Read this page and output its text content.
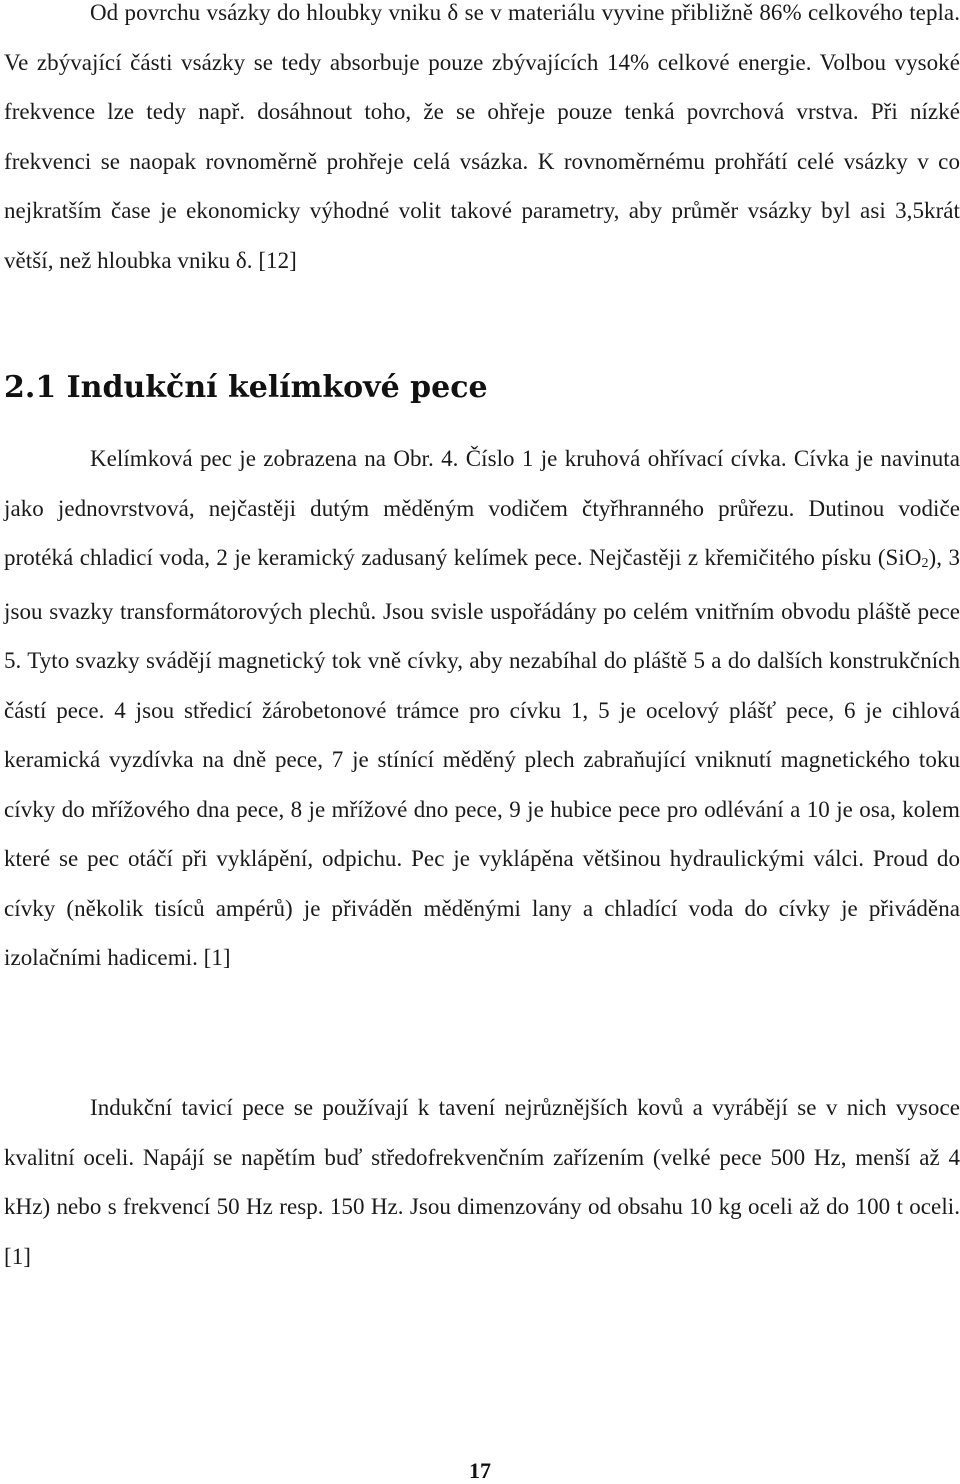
Od povrchu vsázky do hloubky vniku δ se v materiálu vyvine přibližně 86% celkového tepla. Ve zbývající části vsázky se tedy absorbuje pouze zbývajících 14% celkové energie. Volbou vysoké frekvence lze tedy např. dosáhnout toho, že se ohřeje pouze tenká povrchová vrstva. Při nízké frekvenci se naopak rovnoměrně prohřeje celá vsázka. K rovnoměrnému prohřátí celé vsázky v co nejkratším čase je ekonomicky výhodné volit takové parametry, aby průměr vsázky byl asi 3,5krát větší, než hloubka vniku δ. [12]

2.1 Indukční kelímkové pece

Kelímková pec je zobrazena na Obr. 4. Číslo 1 je kruhová ohřívací cívka. Cívka je navinuta jako jednovrstvová, nejčastěji dutým měděným vodičem čtyřhranného průřezu. Dutinou vodiče protéká chladicí voda, 2 je keramický zadusaný kelímek pece. Nejčastěji z křemičitého písku (SiO$_2$), 3 jsou svazky transformátorových plechů. Jsou svisle uspořádány po celém vnitřním obvodu pláště pece 5. Tyto svazky svádějí magnetický tok vně cívky, aby nezabíhal do pláště 5 a do dalších konstrukčních částí pece. 4 jsou středicí žárobetonové trámce pro cívku 1, 5 je ocelový plášť pece, 6 je cihlová keramická vyzdívka na dně pece, 7 je stínící měděný plech zabraňující vniknutí magnetického toku cívky do mřížového dna pece, 8 je mřížové dno pece, 9 je hubice pece pro odlévání a 10 je osa, kolem které se pec otáčí při vyklápění, odpichu. Pec je vyklápěna většinou hydraulickými válci. Proud do cívky (několik tisíců ampérů) je přiváděn měděnými lany a chladící voda do cívky je přiváděna izolačními hadicemi. [1]

Indukční tavicí pece se používají k tavení nejrůznějších kovů a vyrábějí se v nich vysoce kvalitní oceli. Napájí se napětím buď středofrekvenčním zařízením (velké pece 500 Hz, menší až 4 kHz) nebo s frekvencí 50 Hz resp. 150 Hz. Jsou dimenzovány od obsahu 10 kg oceli až do 100 t oceli. [1]

17
